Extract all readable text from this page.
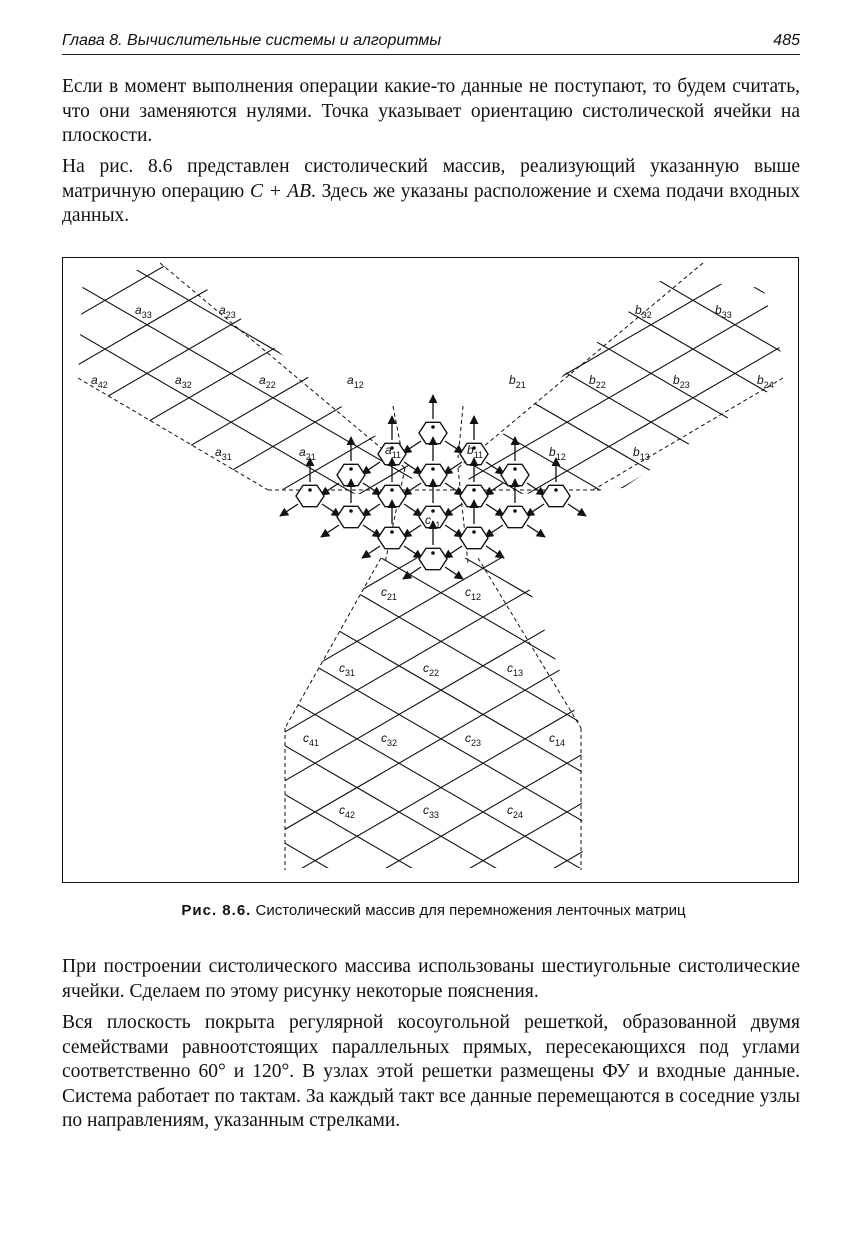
Глава 8. Вычислительные системы и алгоритмы	485

Если в момент выполнения операции какие-то данные не поступают, то будем считать, что они заменяются нулями. Точка указывает ориентацию систолической ячейки на плоскости.

На рис. 8.6 представлен систолический массив, реализующий указанную выше матричную операцию C + AB. Здесь же указаны расположение и схема подачи входных данных.

$a_{33}$	$a_{23}$
$a_{42}$	$a_{32}$	$a_{22}$	$a_{12}$
$a_{31}$	$a_{21}$	$a_{11}$
$b_{32}$	$b_{33}$
$b_{21}$	$b_{22}$	$b_{23}$	$b_{24}$
$b_{11}$	$b_{12}$	$b_{13}$
$c_{11}$
$c_{21}$	$c_{12}$
$c_{31}$	$c_{22}$	$c_{13}$
$c_{41}$	$c_{32}$	$c_{23}$	$c_{14}$
$c_{42}$	$c_{33}$	$c_{24}$
Рис. 8.6. Систолический массив для перемножения ленточных матриц

При построении систолического массива использованы шестиугольные систолические ячейки. Сделаем по этому рисунку некоторые пояснения.

Вся плоскость покрыта регулярной косоугольной решеткой, образованной двумя семействами равноотстоящих параллельных прямых, пересекающихся под углами соответственно 60° и 120°. В узлах этой решетки размещены ФУ и входные данные. Система работает по тактам. За каждый такт все данные перемещаются в соседние узлы по направлениям, указанным стрелками.
